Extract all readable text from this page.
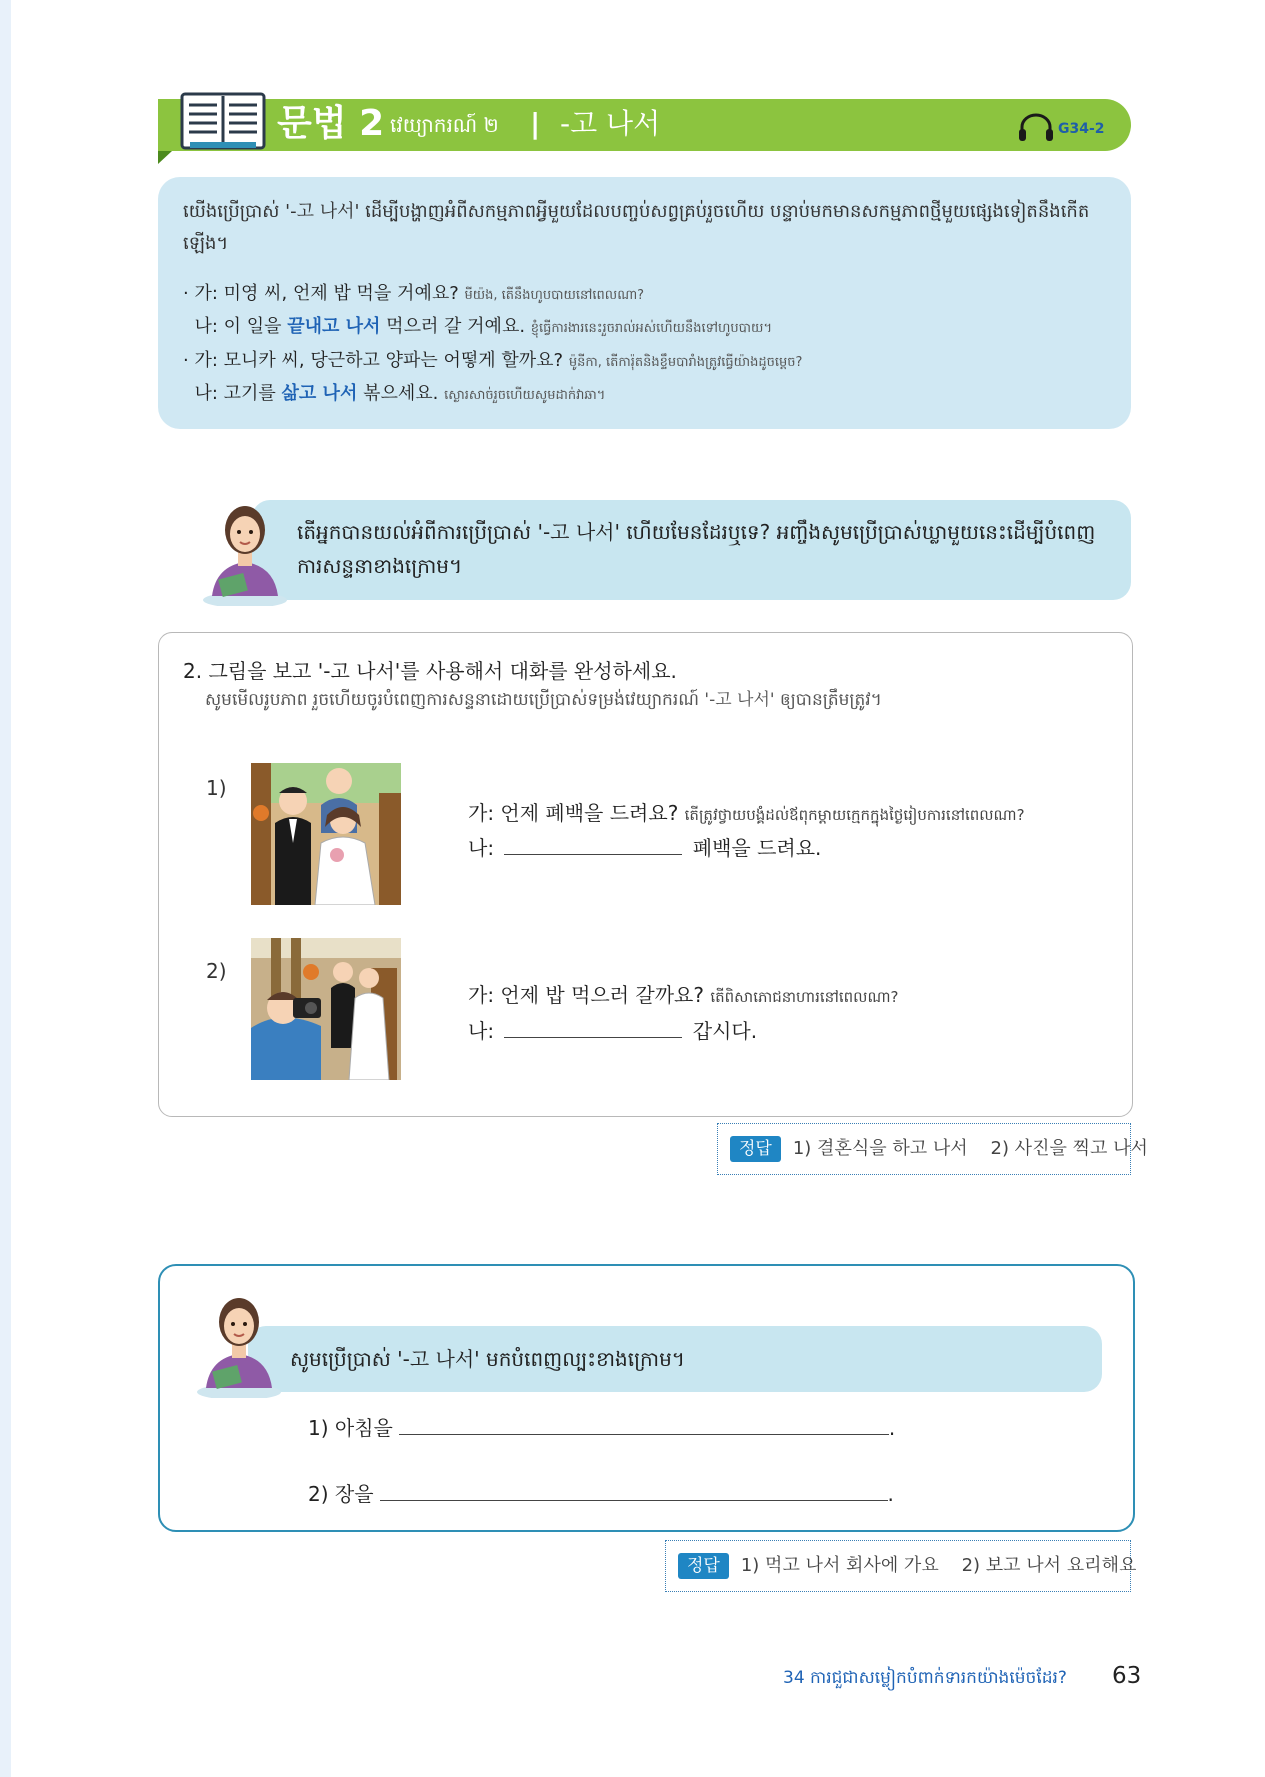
문법 2 វេយ្យាករណ៍ ២ | -고 나서	G34-2
យើងប្រើប្រាស់ '-고 나서' ដើម្បីបង្ហាញអំពីសកម្មភាពអ្វីមួយដែលបញ្ចប់សព្វគ្រប់រួចហើយ បន្ទាប់មកមានសកម្មភាពថ្មីមួយផ្សេងទៀតនឹងកើតឡើង។
· 가: 미영 씨, 언제 밥 먹을 거예요? មីយ៉ង, តើនឹងហូបបាយនៅពេលណា?
나: 이 일을 끝내고 나서 먹으러 갈 거예요. ខ្ញុំធ្វើការងារនេះរួចរាល់អស់ហើយនឹងទៅហូបបាយ។
· 가: 모니카 씨, 당근하고 양파는 어떻게 할까요? ម៉ូនីកា, តើការ៉ុតនិងខ្ទឹមបារាំងត្រូវធ្វើយ៉ាងដូចម្តេច?
나: 고기를 삶고 나서 볶으세요. ស្ងោរសាច់រួចហើយសូមដាក់វាឆា។
តើអ្នកបានយល់អំពីការប្រើប្រាស់ '-고 나서' ហើយមែនដែរឬទេ? អញ្ចឹងសូមប្រើប្រាស់ឃ្លាមួយនេះដើម្បីបំពេញការសន្ទនាខាងក្រោម។
2. 그림을 보고 '-고 나서'를 사용해서 대화를 완성하세요.
សូមមើលរូបភាព រួចហើយចូរបំពេញការសន្ទនាដោយប្រើប្រាស់ទម្រង់វេយ្យាករណ៍ '-고 나서' ឲ្យបានត្រឹមត្រូវ។
1)
가: 언제 폐백을 드려요? តើត្រូវថ្វាយបង្គំដល់ឪពុកម្តាយក្មេកក្នុងថ្ងៃរៀបការនៅពេលណា?
나:	폐백을 드려요.
2)
가: 언제 밥 먹으러 갈까요? តើពិសាភោជនាហារនៅពេលណា?
나:	갑시다.
정답 1) 결혼식을 하고 나서    2) 사진을 찍고 나서
សូមប្រើប្រាស់ '-고 나서' មកបំពេញល្បះខាងក្រោម។
1) 아침을	.
2) 장을	.
정답 1) 먹고 나서 회사에 가요    2) 보고 나서 요리해요
34 ការជួជាសម្លៀកបំពាក់ទារកយ៉ាងម៉េចដែរ? 63
